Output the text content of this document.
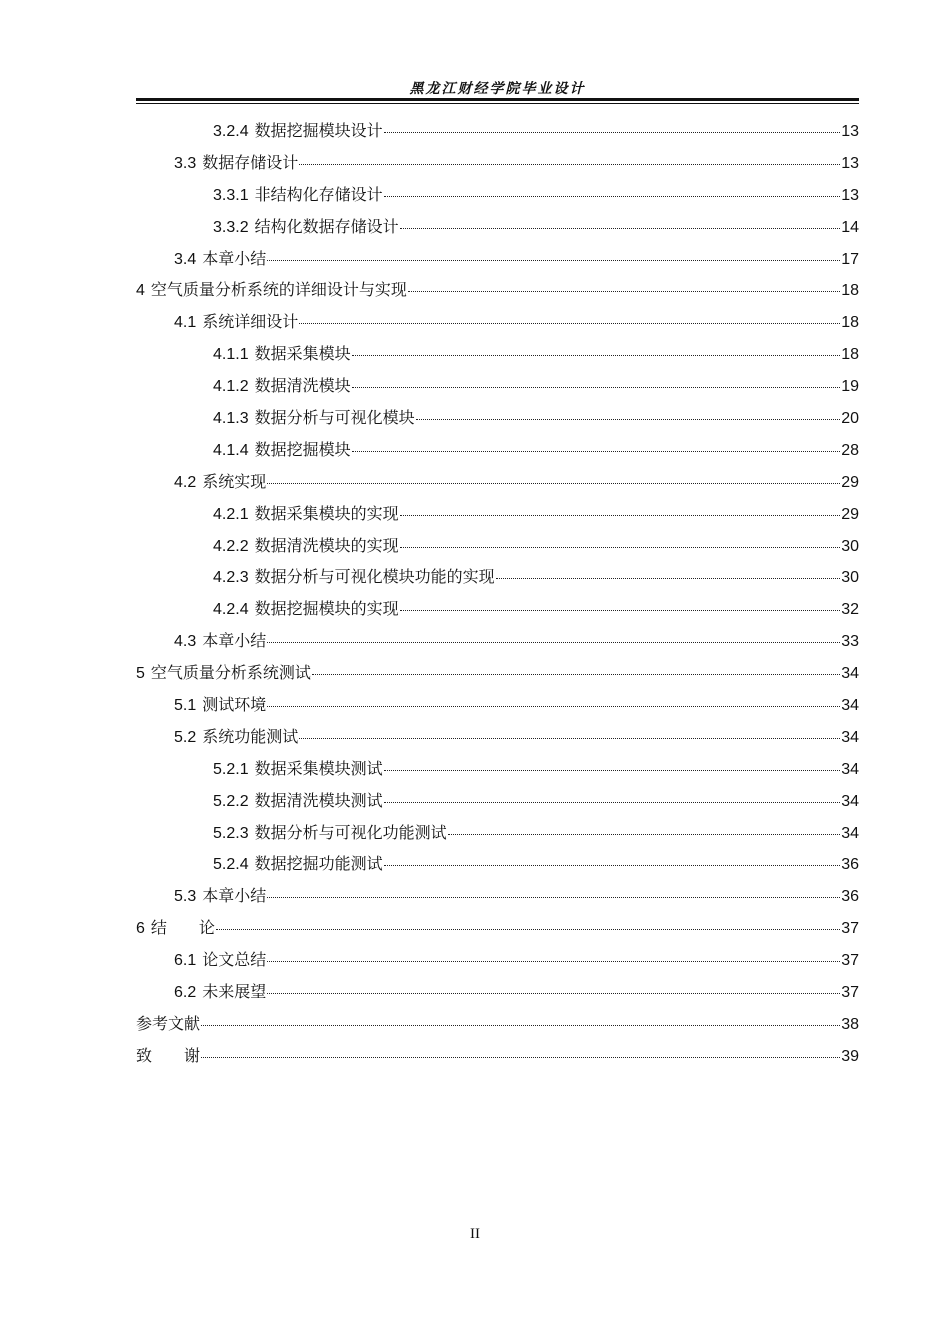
黑龙江财经学院毕业设计
3.2.4 数据挖掘模块设计	13
3.3 数据存储设计	13
3.3.1 非结构化存储设计	13
3.3.2 结构化数据存储设计	14
3.4 本章小结	17
4 空气质量分析系统的详细设计与实现	18
4.1 系统详细设计	18
4.1.1 数据采集模块	18
4.1.2 数据清洗模块	19
4.1.3 数据分析与可视化模块	20
4.1.4 数据挖掘模块	28
4.2 系统实现	29
4.2.1 数据采集模块的实现	29
4.2.2 数据清洗模块的实现	30
4.2.3 数据分析与可视化模块功能的实现	30
4.2.4 数据挖掘模块的实现	32
4.3 本章小结	33
5 空气质量分析系统测试	34
5.1 测试环境	34
5.2 系统功能测试	34
5.2.1 数据采集模块测试	34
5.2.2 数据清洗模块测试	34
5.2.3 数据分析与可视化功能测试	34
5.2.4 数据挖掘功能测试	36
5.3 本章小结	36
6 结　　论	37
6.1 论文总结	37
6.2 未来展望	37
参考文献	38
致　　谢	39
II
